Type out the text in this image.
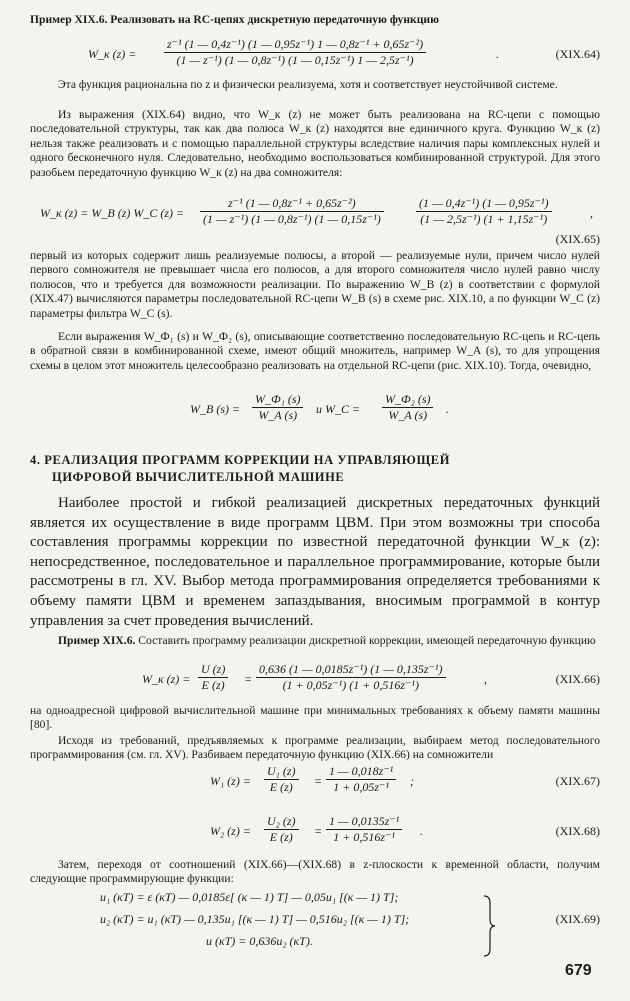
Пример XIX.6. Реализовать на RC-цепях дискретную передаточную функцию

W_к $(z) = \frac{\text{z⁻¹ (1 — 0,4z⁻¹) (1 — 0,95z⁻¹) 1 — 0,8z⁻¹ + 0,65z⁻²)}}{\text{(1 — z⁻¹) (1 — 0,8z⁻¹) (1 — 0,15z⁻¹) 1 — 2,5z⁻¹)}}$	.	(XIX.64)

Эта функция рациональна по z и физически реализуема, хотя и соответствует неустойчивой системе.

Из выражения (XIX.64) видно, что W_к (z) не может быть реализована на RC-цепи с помощью последовательной структуры, так как два полюса W_к (z) находятся вне единичного круга. Функцию W_к (z) нельзя также реализовать и с помощью параллельной структуры вследствие наличия пары комплексных нулей и одного бесконечного нуля. Следовательно, необходимо воспользоваться комбинированной структурой. Для этого разобьем передаточную функцию W_к (z) на два сомножителя:

W_к (z) = W_B (z) W_C $(z) = \frac{\text{z⁻¹ (1 — 0,8z⁻¹ + 0,65z⁻²)}}{\text{(1 — z⁻¹) (1 — 0,8z⁻¹) (1 — 0,15z⁻¹)}}$	$\frac{\text{(1 — 0,4z⁻¹) (1 — 0,95z⁻¹)}}{\text{(1 — 2,5z⁻¹) (1 + 1,15z⁻¹)}}$	,
(XIX.65)

первый из которых содержит лишь реализуемые полюсы, а второй — реализуемые нули, причем число нулей первого сомножителя не превышает числа его полюсов, а для второго сомножителя число нулей равно числу полюсов, что и требуется для возможности реализации. По выражению W_B (z) в соответствии с формулой (XIX.47) вычисляются параметры последовательной RC-цепи W_B (s) в схеме рис. XIX.10, а по функции W_C (z) параметры фильтра W_C (s).

Если выражения W_Ф₁ (s) и W_Ф₂ (s), описывающие соответственно последовательную RC-цепь и RC-цепь в обратной связи в комбинированной схеме, имеют общий множитель, например W_A (s), то для упрощения схемы в целом этот множитель целесообразно реализовать на отдельной RC-цепи (рис. XIX.10). Тогда, очевидно,

W_B (s) =
W_Ф₁ (s)
W_A (s)	и W_C =
W_Ф₂ (s)
W_A (s)	.
4. РЕАЛИЗАЦИЯ ПРОГРАММ КОРРЕКЦИИ НА УПРАВЛЯЮЩЕЙ
ЦИФРОВОЙ ВЫЧИСЛИТЕЛЬНОЙ МАШИНЕ

Наиболее простой и гибкой реализацией дискретных передаточных функций является их осуществление в виде программ ЦВМ. При этом возможны три способа составления программы коррекции по известной передаточной функции W_к (z): непосредственное, последовательное и параллельное программирование, которые были рассмотрены в гл. XV. Выбор метода программирования определяется требованиями к объему памяти ЦВМ и временем запаздывания, вносимым программой в контур управления за счет проведения вычислений.

Пример XIX.6. Составить программу реализации дискретной коррекции, имеющей передаточную функцию

W_к $(z) = \frac{U (z)}{E (z)} = \frac{\text{0,636 (1 — 0,0185z⁻¹) (1 — 0,135z⁻¹)}}{\text{(1 + 0,05z⁻¹) (1 + 0,516z⁻¹)}}$	,	(XIX.66)

на одноадресной цифровой вычислительной машине при минимальных требованиях к объему памяти машины [80].

Исходя из требований, предъявляемых к программе реализации, выбираем метод последовательного программирования (см. гл. XV). Разбиваем передаточную функцию (XIX.66) на сомножители

W₁ $(z) = \frac{\text{U₁ (z)}}{E (z)} = \frac{\text{1 — 0,018z⁻¹}}{\text{1 + 0,05z⁻¹}}$ ;	(XIX.67)
W₂ $(z) = \frac{\text{U₂ (z)}}{E (z)} = \frac{\text{1 — 0,0135z⁻¹}}{\text{1 + 0,516z⁻¹}}$ .	(XIX.68)

Затем, переходя от соотношений (XIX.66)—(XIX.68) в z-плоскости к временной области, получим следующие программирующие функции:

u₁ (кT) = ε (кT) — 0,0185ε[ (к — 1) T] — 0,05u₁ [(к — 1) T];
u₂ (кT) = u₁ (кT) — 0,135u₁ [(к — 1) T] — 0,516u₂ [(к — 1) T];
u (кT) = 0,636u₂ (кT).
(XIX.69)
679
